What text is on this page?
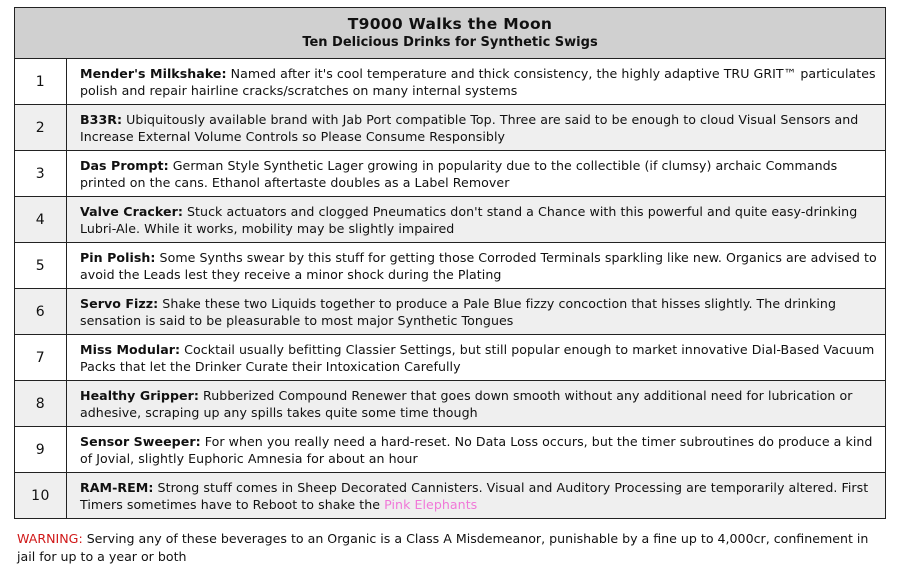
T9000 Walks the Moon
Ten Delicious Drinks for Synthetic Swigs	

1	Mender's Milkshake: Named after it's cool temperature and thick consistency, the highly adaptive TRU GRIT™ particulates polish and repair hairline cracks/scratches on many internal systems
2	B33R: Ubiquitously available brand with Jab Port compatible Top. Three are said to be enough to cloud Visual Sensors and Increase External Volume Controls so Please Consume Responsibly
3	Das Prompt: German Style Synthetic Lager growing in popularity due to the collectible (if clumsy) archaic Commands printed on the cans. Ethanol aftertaste doubles as a Label Remover
4	Valve Cracker: Stuck actuators and clogged Pneumatics don't stand a Chance with this powerful and quite easy-drinking Lubri-Ale. While it works, mobility may be slightly impaired
5	Pin Polish: Some Synths swear by this stuff for getting those Corroded Terminals sparkling like new. Organics are advised to avoid the Leads lest they receive a minor shock during the Plating
6	Servo Fizz: Shake these two Liquids together to produce a Pale Blue fizzy concoction that hisses slightly. The drinking sensation is said to be pleasurable to most major Synthetic Tongues
7	Miss Modular: Cocktail usually befitting Classier Settings, but still popular enough to market innovative Dial-Based Vacuum Packs that let the Drinker Curate their Intoxication Carefully
8	Healthy Gripper: Rubberized Compound Renewer that goes down smooth without any additional need for lubrication or adhesive, scraping up any spills takes quite some time though
9	Sensor Sweeper: For when you really need a hard-reset. No Data Loss occurs, but the timer subroutines do produce a kind of Jovial, slightly Euphoric Amnesia for about an hour
10	RAM-REM: Strong stuff comes in Sheep Decorated Cannisters. Visual and Auditory Processing are temporarily altered. First Timers sometimes have to Reboot to shake the Pink Elephants
WARNING: Serving any of these beverages to an Organic is a Class A Misdemeanor, punishable by a fine up to 4,000cr, confinement in jail for up to a year or both
